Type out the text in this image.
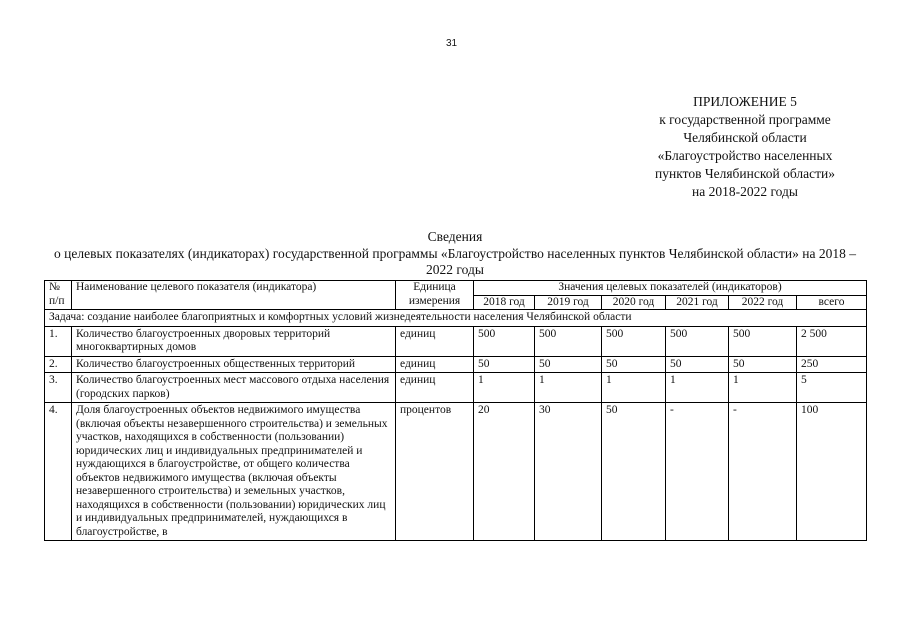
31
ПРИЛОЖЕНИЕ 5
к государственной программе
Челябинской области
«Благоустройство населенных
пунктов Челябинской области»
на 2018-2022 годы
Сведения
о целевых показателях (индикаторах) государственной программы «Благоустройство населенных пунктов Челябинской области» на 2018 – 2022 годы
№ п/п	Наименование целевого показателя (индикатора)	Единица измерения	Значения целевых показателей (индикаторов)					
			2018 год	2019 год	2020 год	2021 год	2022 год	всего
Задача: создание наиболее благоприятных и комфортных условий жизнедеятельности населения Челябинской области								
1.	Количество благоустроенных дворовых территорий многоквартирных домов	единиц	500	500	500	500	500	2 500
2.	Количество благоустроенных общественных территорий	единиц	50	50	50	50	50	250
3.	Количество благоустроенных мест массового отдыха населения (городских парков)	единиц	1	1	1	1	1	5
4.	Доля благоустроенных объектов недвижимого имущества (включая объекты незавершенного строительства) и земельных участков, находящихся в собственности (пользовании) юридических лиц и индивидуальных предпринимателей и нуждающихся в благоустройстве, от общего количества объектов недвижимого имущества (включая объекты незавершенного строительства) и земельных участков, находящихся в собственности (пользовании) юридических лиц и индивидуальных предпринимателей, нуждающихся в благоустройстве, в	процентов	20	30	50	-	-	100
